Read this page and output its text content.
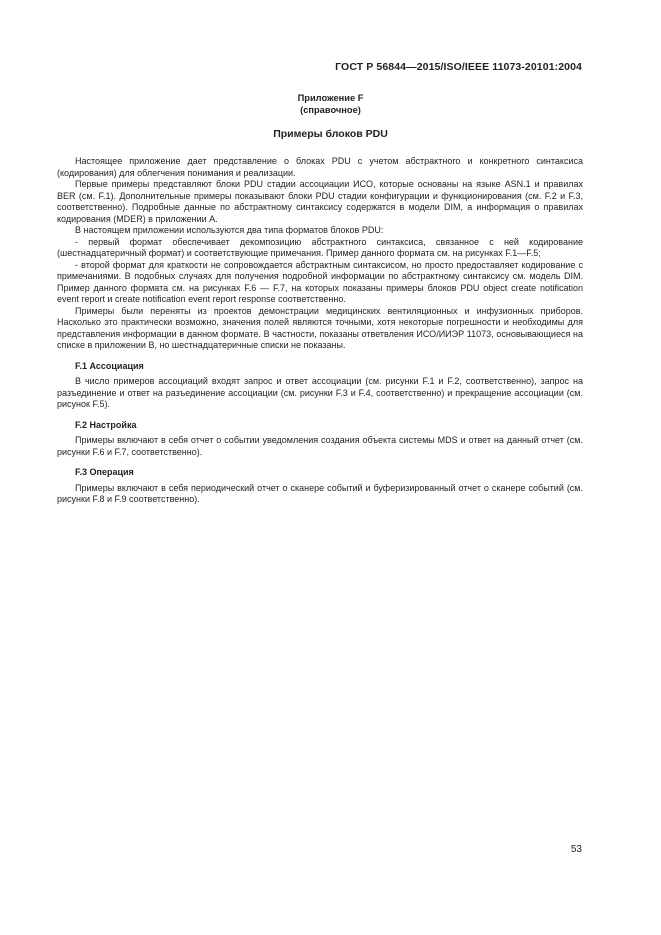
ГОСТ Р 56844—2015/ISO/IEEE 11073-20101:2004
Приложение F
(справочное)
Примеры блоков PDU

Настоящее приложение дает представление о блоках PDU с учетом абстрактного и конкретного синтаксиса (кодирования) для облегчения понимания и реализации.

Первые примеры представляют блоки PDU стадии ассоциации ИСО, которые основаны на языке ASN.1 и правилах BER (см. F.1). Дополнительные примеры показывают блоки PDU стадии конфигурации и функционирования (см. F.2 и F.3, соответственно). Подробные данные по абстрактному синтаксису содержатся в модели DIM, а информация о правилах кодирования (MDER) в приложении А.

В настоящем приложении используются два типа форматов блоков PDU:

- первый формат обеспечивает декомпозицию абстрактного синтаксиса, связанное с ней кодирование (шестнадцатеричный формат) и соответствующие примечания. Пример данного формата см. на рисунках F.1—F.5;

- второй формат для краткости не сопровождается абстрактным синтаксисом, но просто предоставляет кодирование с примечаниями. В подобных случаях для получения подробной информации по абстрактному синтаксису см. модель DIM. Пример данного формата см. на рисунках F.6 — F.7, на которых показаны примеры блоков PDU object create notification event report и create notification event report response соответственно.

Примеры были переняты из проектов демонстрации медицинских вентиляционных и инфузионных приборов. Насколько это практически возможно, значения полей являются точными, хотя некоторые погрешности и необходимы для представления информации в данном формате. В частности, показаны ответвления ИСО/ИИЭР 11073, основывающиеся на списке в приложении В, но шестнадцатеричные списки не показаны.

F.1 Ассоциация

В число примеров ассоциаций входят запрос и ответ ассоциации (см. рисунки F.1 и F.2, соответственно), запрос на разъединение и ответ на разъединение ассоциации (см. рисунки F.3 и F.4, соответственно) и прекращение ассоциации (см. рисунок F.5).

F.2 Настройка

Примеры включают в себя отчет о событии уведомления создания объекта системы MDS и ответ на данный отчет (см. рисунки F.6 и F.7, соответственно).

F.3 Операция

Примеры включают в себя периодический отчет о сканере событий и буферизированный отчет о сканере событий (см. рисунки F.8 и F.9 соответственно).

53
